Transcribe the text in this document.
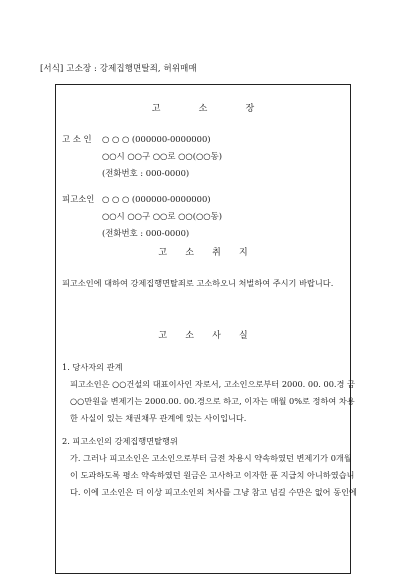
[서식] 고소장 : 강제집행면탈죄, 허위매매
고	소	장
고 소 인 ○ ○ ○ (000000-0000000)
○○시 ○○구 ○○로 ○○(○○동)
(전화번호 : 000-0000)
피고소인 ○ ○ ○ (000000-0000000)
○○시 ○○구 ○○로 ○○(○○동)
(전화번호 : 000-0000)
고 소 취 지
피고소인에 대하여 강제집행면탈죄로 고소하오니 처벌하여 주시기 바랍니다.
고 소 사 실
1. 당사자의 관계
피고소인은 ○○건설의 대표이사인 자로서, 고소인으로부터 2000. 00. 00.경 금
○○만원을 변제기는 2000.00. 00.경으로 하고, 이자는 매월 0%로 정하여 차용
한 사실이 있는 채권채무 관계에 있는 사이입니다.
2. 피고소인의 강제집행면탈행위
가. 그러나 피고소인은 고소인으로부터 금전 차용시 약속하였던 변제기가 0개월
이 도과하도록 평소 약속하였던 원금은 고사하고 이자한 푼 지급치 아니하였습니
다. 이에 고소인은 더 이상 피고소인의 처사를 그냥 참고 넘길 수만은 없어 동인에
